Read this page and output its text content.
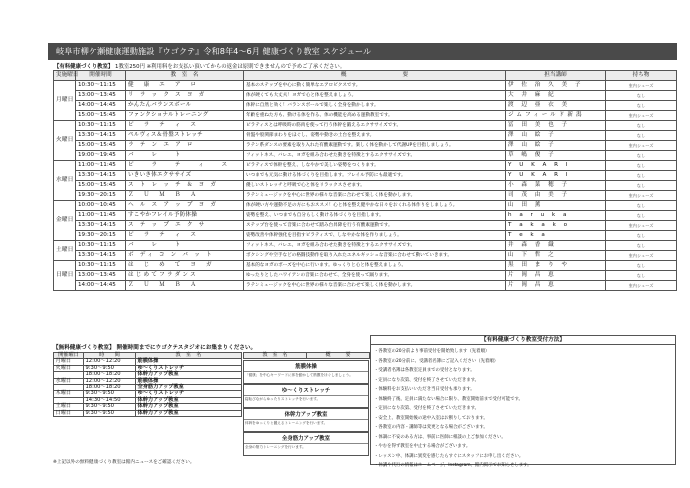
岐阜市柳ケ瀬健康運動施設『ウゴクテ』令和8年4～6月 健康づくり教室 スケジュール
【有料健康づくり教室】 1教室250円 ※利用料をお支払い頂いてからの返金は原則できませんので予めご了承ください。
実施曜日	開催時間	教　室　名	概　　　　　　　　　　要	担当講師	持ち物
月曜日	10:30～11:15	健　康　エ　ア　ロ	基本のステップを中心に動く簡単なエアロビクスです。	伊 佐 治 久 美 子	室内シューズ
	13:00～13:45	リ ラ ッ ク ス ヨ ガ	体が硬くても大丈夫！ヨガで心と体を整えましょう。	大 井 麻 紀	なし
	14:00～14:45	かんたんバランスボール	体幹に自然と効く！バランスボールで楽しく全身を動かします。	渡 辺 亜 衣 美	なし
	15:00～15:45	ファンクショナルトレーニング	年齢を重ねた方も、動ける体を作る、体の機能を高める運動教室です。	ジムフィールド新潟	室内シューズ
火曜日	10:30～11:15	ピ　ラ　テ　ィ　ス	ピラティスとは呼吸時の筋肉を使って行う体幹を鍛えるエクササイズです。	冨 田 美 也 子	なし
	13:30～14:15	ペルヴィス＆骨盤ストレッチ	骨盤や股関節まわりをほぐし、姿勢や動きの土台を整えます。	澤 山 絵 子	なし
	15:00～15:45	ラ テ ン エ ア ロ	ラテン系ダンスの要素を取り入れた有酸素運動です。楽しく体を動かして代謝UPを目指しましょう。	澤 山 絵 子	室内シューズ
	19:00～19:45	バ　　レ　　ト	フィットネス、バレエ、ヨガを組み合わせた動きを特徴とするエクササイズです。	草 嶋 俊 子	なし
水曜日	11:00～11:45	ピ　　ラ　　テ　　ィ　　ス	ピラティスで体幹を整え、しなやかで美しい姿勢をつくります。	Y U K A R I	なし
	13:30～14:15	いきいき体エクササイズ	いつまでも元気に動ける体づくりを目指します。フレイル予防にも最適です。	Y U K A R I	なし
	15:00～15:45	ス ト レ ッ チ ＆ ヨ ガ	優しいストレッチと呼吸で心と体をリラックスさせます。	小 森 菜 穂 子	なし
	19:30～20:15	Ｚ　Ｕ　Ｍ　Ｂ　Ａ	ラテンミュージックを中心に世界の様々な音楽に合わせて楽しく体を動かします。	司 茂 由 美 子	室内シューズ
金曜日	10:00～10:45	ヘ ル ス ア ッ プ ヨ ガ	体が硬い方や運動不足の方にもおススメ！心と体を整え健やかな日々をおくれる体作りをしましょう。	山 田 薫	なし
	11:00～11:45	すこやかフレイル予防体操	姿勢を整え、いつまでも自分らしく動ける体づくりを目指します。	h a r u k a	なし
	13:30～14:15	ス テ ッ プ エ ク サ	ステップ台を使って音楽に合わせて踏み台昇降を行う有酸素運動です。	T a k a k o	室内シューズ
	19:30～20:15	ピ　ラ　テ　ィ　ス	姿勢改善や体幹強化を目指すピラティスで、しなやかな体を作りましょう。	T e k a	なし
土曜日	10:30～11:15	バ　　レ　　ト	フィットネス、バレエ、ヨガを組み合わせた動きを特徴とするエクササイズです。	井 森 香 織	なし
	13:30～14:15	ボ ディ コ ン バ ッ ト	ボクシングや空手などの格闘技動作を取り入れたエネルギッシュな音楽に合わせて動いていきます。	山 下 哲 之	室内シューズ
日曜日	10:30～11:15	は　じ　め　て　ヨ　ガ	基本的なヨガのポーズを中心に行います。ゆっくりと心と体を整えましょう。	黒 田 ま り や	なし
	13:00～13:45	は じ め て フ ラ ダ ン ス	ゆったりとしたハワイアンの音楽に合わせて、全身を使って踊ります。	片 岡 昌 恵	なし
	14:00～14:45	Ｚ　Ｕ　Ｍ　Ｂ　Ａ	ラテンミュージックを中心に世界の様々な音楽に合わせて楽しく体を動かします。	片 岡 昌 恵	室内シューズ
【無料健康づくり教室】 開催時間までにウゴクテスタジオにお集まりください。
開催曜日	時　　間	教　室　名
月曜日	12:00～12:20	筋膜体操
火曜日	9:30～9:50	ゆ～くりストレッチ
	18:00～18:20	体幹力アップ教室
水曜日	12:00～12:20	筋膜体操
	18:00～18:20	全身筋力アップ教室
木曜日	9:30～9:50	ゆ～くりストレッチ
	14:30～14:50	体幹力アップ教室
土曜日	9:30～9:50	体幹力アップ教室
日曜日	9:30～9:50	体幹力アップ教室
※上記以外の無料健康づくり教室は館内ニュースをご確認ください。
教　室　名	概　　　要
筋膜体操
「健康」を中心キーワードに体を動かして筋膜をほぐしましょう。
ゆ～くりストレッチ
寝転びながらゆったりストレッチを行います。
体幹力アップ教室
体幹をゆっくりと鍛えるトレーニングを行います。
全身筋力アップ教室
全身の筋力トレーニングを行います。
【有料健康づくり教室受付方法】
・各教室の20分前より事前受付を開始致します（先着順）
・各教室の20分前に、受講者名簿にご記入ください（先着順）
・受講者名簿は各教室定員までの受付となります。
・定員になり次第、受付を終了させていただきます。
・体験料をお支払いいただき当日受付も承ります。
・体験終了後、定員に満たない場合に限り、教室開始前まで受付可能です。
・定員になり次第、受付を終了させていただきます。
・安全上、教室開始後の途中入室はお断りしております。
・各教室の内容・講師等は変更となる場合がございます。
・体調に不安のある方は、事前に医師に相談の上ご参加ください。
・やむを得ず教室を中止する場合がございます。
・レッスン中、体調に異変を感じたらすぐにスタッフにお申し出ください。
・休講や代行の情報はホームページ、Instagram、館内掲示でお知らせします。
